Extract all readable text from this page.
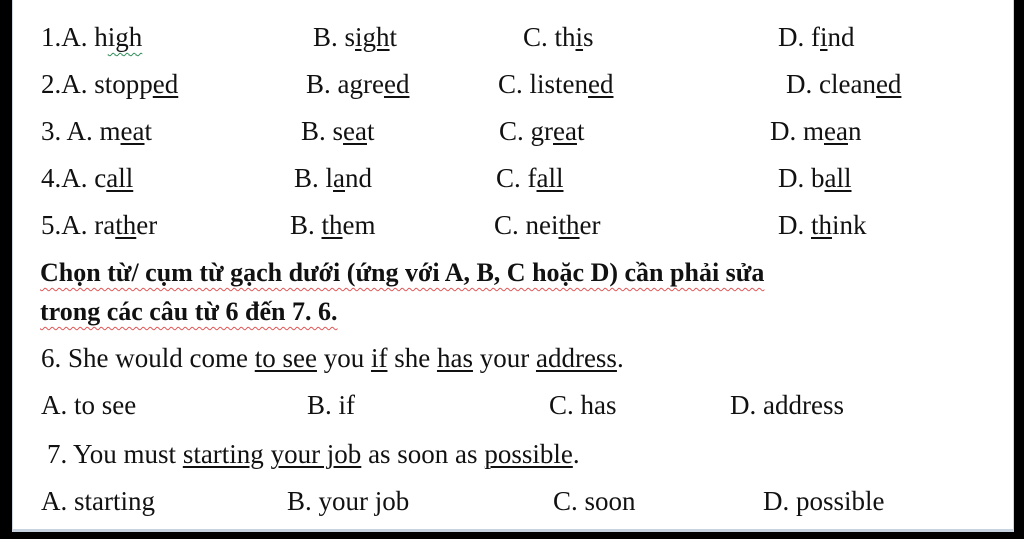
1.A. high	B. sight	C. this	D. find
2.A. stopped	B. agreed	C. listened	D. cleaned
3. A. meat	B. seat	C. great	D. mean
4.A. call	B. land	C. fall	D. ball
5.A. rather	B. them	C. neither	D. think
Chọn từ/ cụm từ gạch dưới (ứng với A, B, C hoặc D) cần phải sửa
trong các câu từ 6 đến 7. 6.
6. She would come to see you if she has your address.
A. to see	B. if	C. has	D. address
7. You must starting your job as soon as possible.
A. starting	B. your job	C. soon	D. possible
